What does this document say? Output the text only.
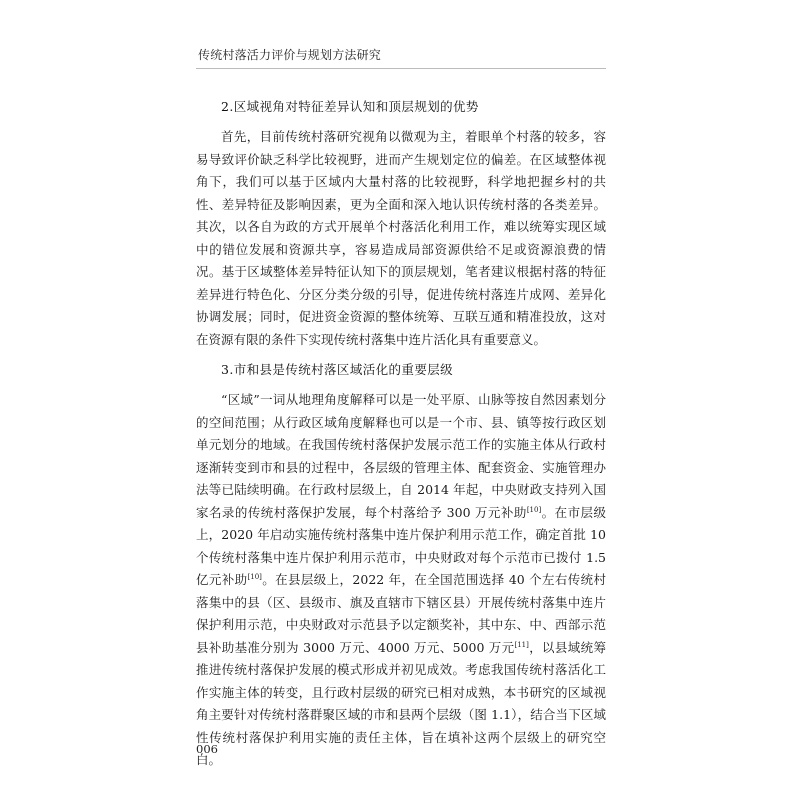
传统村落活力评价与规划方法研究

2.区域视角对特征差异认知和顶层规划的优势

首先，目前传统村落研究视角以微观为主，着眼单个村落的较多，容易导致评价缺乏科学比较视野，进而产生规划定位的偏差。在区域整体视角下，我们可以基于区域内大量村落的比较视野，科学地把握乡村的共性、差异特征及影响因素，更为全面和深入地认识传统村落的各类差异。其次，以各自为政的方式开展单个村落活化利用工作，难以统筹实现区域中的错位发展和资源共享，容易造成局部资源供给不足或资源浪费的情况。基于区域整体差异特征认知下的顶层规划，笔者建议根据村落的特征差异进行特色化、分区分类分级的引导，促进传统村落连片成网、差异化协调发展；同时，促进资金资源的整体统筹、互联互通和精准投放，这对在资源有限的条件下实现传统村落集中连片活化具有重要意义。

3.市和县是传统村落区域活化的重要层级

“区域”一词从地理角度解释可以是一处平原、山脉等按自然因素划分的空间范围；从行政区域角度解释也可以是一个市、县、镇等按行政区划单元划分的地域。在我国传统村落保护发展示范工作的实施主体从行政村逐渐转变到市和县的过程中，各层级的管理主体、配套资金、实施管理办法等已陆续明确。在行政村层级上，自 2014 年起，中央财政支持列入国家名录的传统村落保护发展，每个村落给予 300 万元补助[10]。在市层级上，2020 年启动实施传统村落集中连片保护利用示范工作，确定首批 10 个传统村落集中连片保护利用示范市，中央财政对每个示范市已拨付 1.5 亿元补助[10]。在县层级上，2022 年，在全国范围选择 40 个左右传统村落集中的县（区、县级市、旗及直辖市下辖区县）开展传统村落集中连片保护利用示范，中央财政对示范县予以定额奖补，其中东、中、西部示范县补助基准分别为 3000 万元、4000 万元、5000 万元[11]，以县域统筹推进传统村落保护发展的模式形成并初见成效。考虑我国传统村落活化工作实施主体的转变，且行政村层级的研究已相对成熟，本书研究的区域视角主要针对传统村落群聚区域的市和县两个层级（图 1.1），结合当下区域性传统村落保护利用实施的责任主体，旨在填补这两个层级上的研究空白。

006
